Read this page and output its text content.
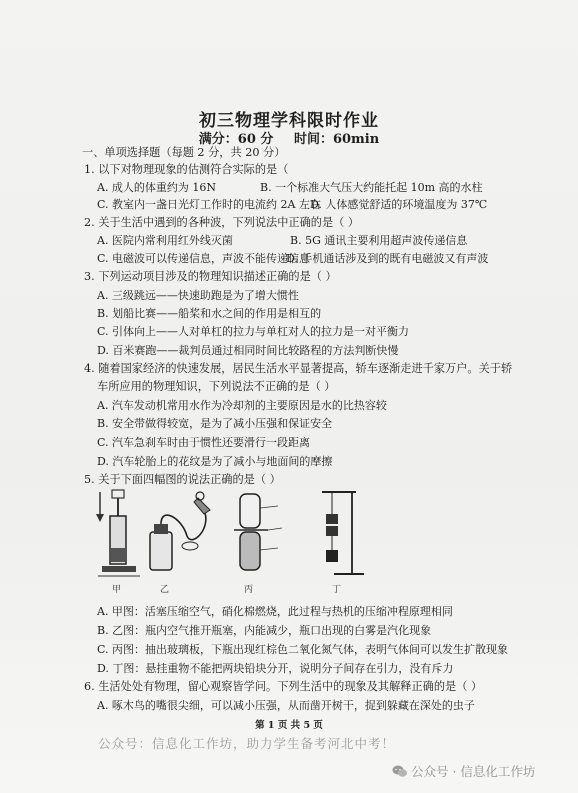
初三物理学科限时作业
满分：60 分 时间：60min
一、单项选择题（每题 2 分，共 20 分）
1. 以下对物理现象的估测符合实际的是（
A. 成人的体重约为 16N	B. 一个标准大气压大约能托起 10m 高的水柱
C. 教室内一盏日光灯工作时的电流约 2A 左右
D. 人体感觉舒适的环境温度为 37℃
2. 关于生活中遇到的各种波，下列说法中正确的是（ ）
A. 医院内常利用红外线灭菌	B. 5G 通讯主要利用超声波传递信息
C. 电磁波可以传递信息，声波不能传递信息
D. 手机通话涉及到的既有电磁波又有声波
3. 下列运动项目涉及的物理知识描述正确的是（ ）
A. 三级跳远——快速助跑是为了增大惯性
B. 划船比赛——船桨和水之间的作用是相互的
C. 引体向上——人对单杠的拉力与单杠对人的拉力是一对平衡力
D. 百米赛跑——裁判员通过相同时间比较路程的方法判断快慢
4. 随着国家经济的快速发展，居民生活水平显著提高，轿车逐渐走进千家万户。关于轿
车所应用的物理知识，下列说法不正确的是（ ）
A. 汽车发动机常用水作为冷却剂的主要原因是水的比热容较
B. 安全带做得较宽，是为了减小压强和保证安全
C. 汽车急刹车时由于惯性还要滑行一段距离
D. 汽车轮胎上的花纹是为了减小与地面间的摩擦
5. 关于下面四幅图的说法正确的是（ ）
甲	乙	丙	丁
A. 甲图：活塞压缩空气，硝化棉燃烧，此过程与热机的压缩冲程原理相同
B. 乙图：瓶内空气推开瓶塞，内能减少，瓶口出现的白雾是汽化现象
C. 丙图：抽出玻璃板，下瓶出现红棕色二氧化氮气体，表明气体间可以发生扩散现象
D. 丁图：悬挂重物不能把两块铅块分开，说明分子间存在引力，没有斥力
6. 生活处处有物理，留心观察皆学问。下列生活中的现象及其解释正确的是（ ）
A. 啄木鸟的嘴很尖细，可以减小压强，从而凿开树干，捉到躲藏在深处的虫子
第 1 页 共 5 页
公众号：信息化工作坊，助力学生备考河北中考！
公众号 · 信息化工作坊
